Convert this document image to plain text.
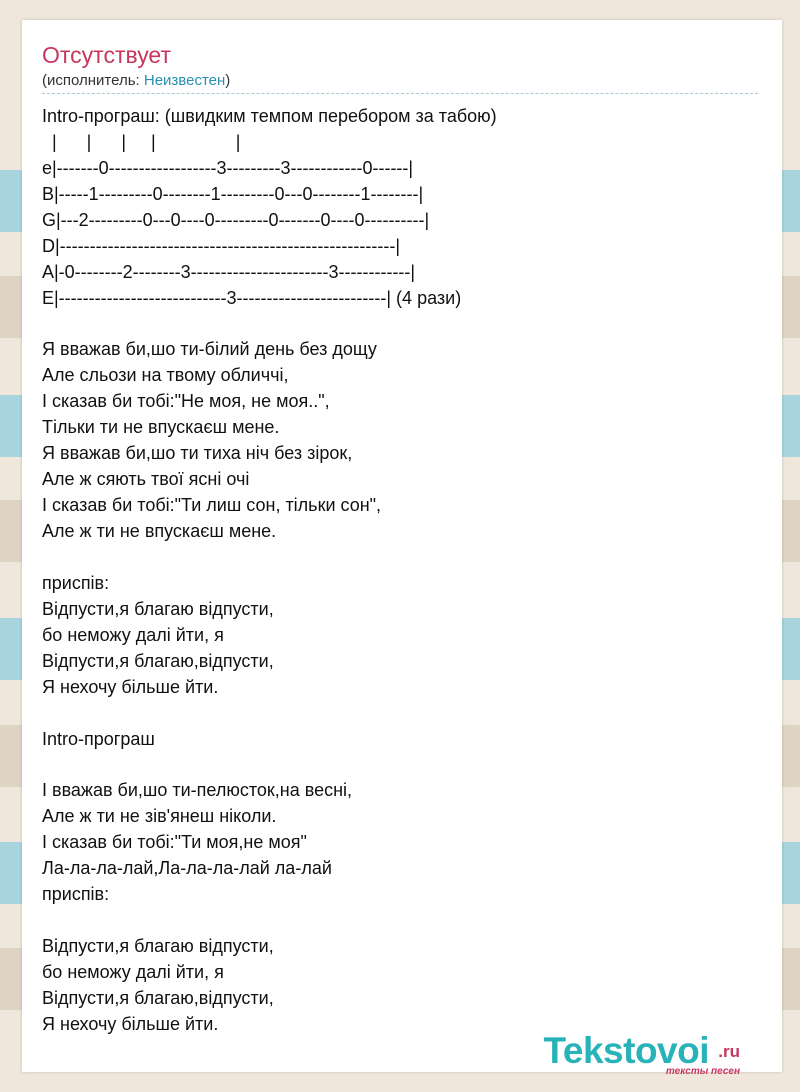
Отсутствует
(исполнитель: Неизвестен)
Intro-програш: (швидким темпом перебором за табою)
|      |      |     |                |
e|-------0------------------3---------3------------0------|
B|-----1---------0--------1---------0---0--------1--------|
G|---2---------0---0----0---------0-------0----0----------|
D|--------------------------------------------------------|
A|-0--------2--------3-----------------------3------------|
E|----------------------------3-------------------------| (4 рази)
Я вважав би,шо ти-білий день без дощу
Але сльози на твому обличчі,
І сказав би тобі:"Не моя, не моя..",
Тільки ти не впускаєш мене.
Я вважав би,шо ти тиха ніч без зірок,
Але ж сяють твої ясні очі
І сказав би тобі:"Ти лиш сон, тільки сон",
Але ж ти не впускаєш мене.
приспів:
Відпусти,я благаю відпусти,
бо неможу далі йти, я
Відпусти,я благаю,відпусти,
Я нехочу більше йти.
Intro-програш
І вважав би,шо ти-пелюсток,на весні,
Але ж ти не зів'янеш ніколи.
І сказав би тобі:"Ти моя,не моя"
Ла-ла-ла-лай,Ла-ла-ла-лай ла-лай
приспів:
Відпусти,я благаю відпусти,
бо неможу далі йти, я
Відпусти,я благаю,відпусти,
Я нехочу більше йти.
Tekstovoi .ru
тексты песен
